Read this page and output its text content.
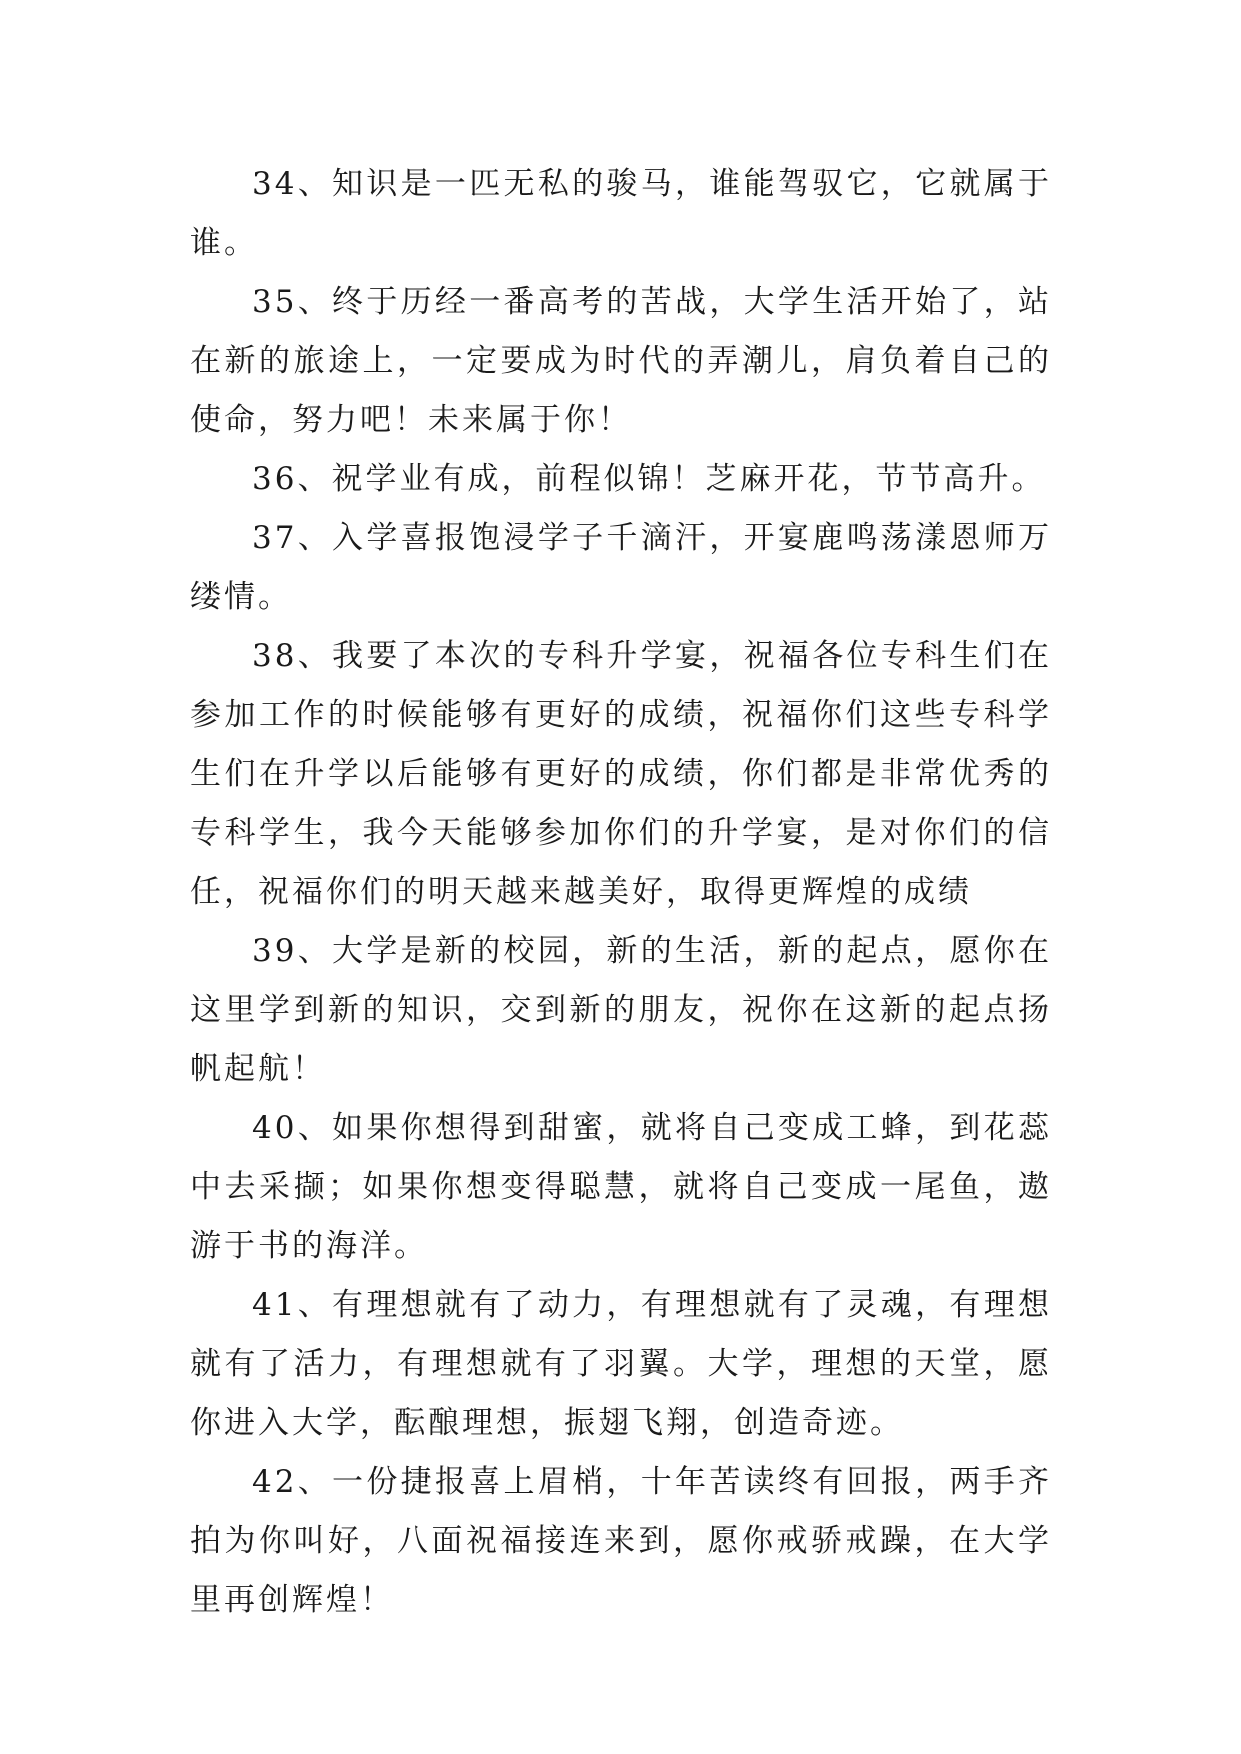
34、知识是一匹无私的骏马，谁能驾驭它，它就属于谁。

35、终于历经一番高考的苦战，大学生活开始了，站在新的旅途上，一定要成为时代的弄潮儿，肩负着自己的使命，努力吧！未来属于你！

36、祝学业有成，前程似锦！芝麻开花，节节高升。

37、入学喜报饱浸学子千滴汗，开宴鹿鸣荡漾恩师万缕情。

38、我要了本次的专科升学宴，祝福各位专科生们在参加工作的时候能够有更好的成绩，祝福你们这些专科学生们在升学以后能够有更好的成绩，你们都是非常优秀的专科学生，我今天能够参加你们的升学宴，是对你们的信任，祝福你们的明天越来越美好，取得更辉煌的成绩

39、大学是新的校园，新的生活，新的起点，愿你在这里学到新的知识，交到新的朋友，祝你在这新的起点扬帆起航！

40、如果你想得到甜蜜，就将自己变成工蜂，到花蕊中去采撷；如果你想变得聪慧，就将自己变成一尾鱼，遨游于书的海洋。

41、有理想就有了动力，有理想就有了灵魂，有理想就有了活力，有理想就有了羽翼。大学，理想的天堂，愿你进入大学，酝酿理想，振翅飞翔，创造奇迹。

42、一份捷报喜上眉梢，十年苦读终有回报，两手齐拍为你叫好，八面祝福接连来到，愿你戒骄戒躁，在大学里再创辉煌！
